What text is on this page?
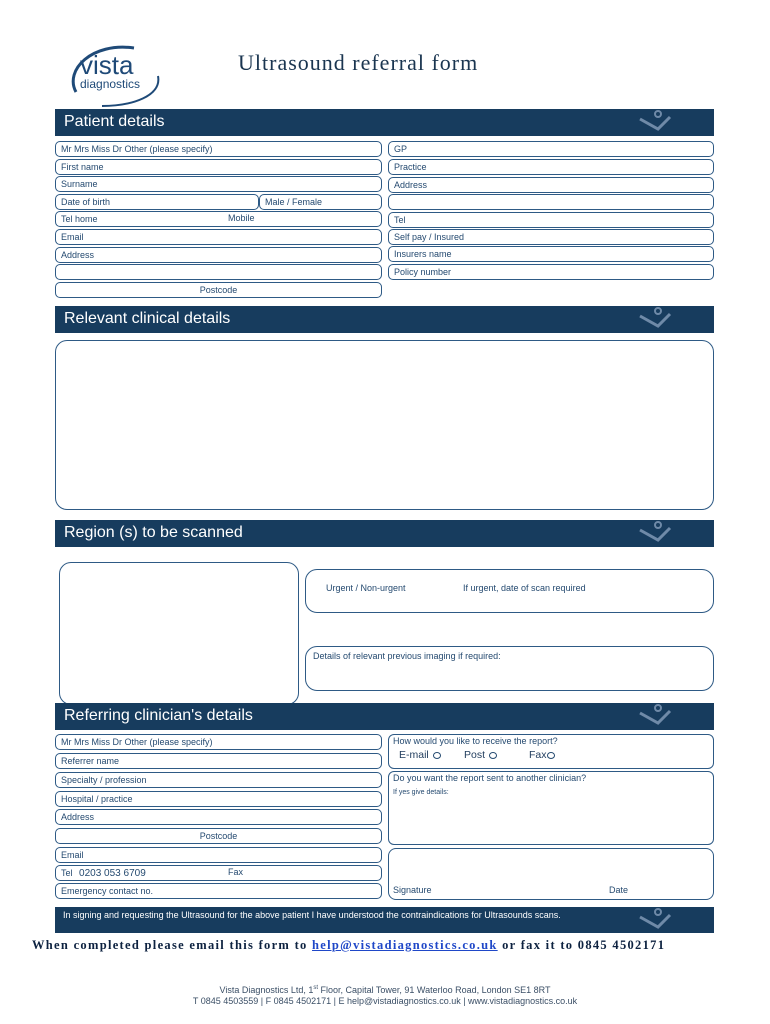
vista
diagnostics
Ultrasound referral form
Patient details
Mr Mrs Miss Dr Other (please specify)
First name
Surname
Date of birth	Male / Female
Tel home	Mobile
Email
Address
Postcode
GP
Practice
Address
Tel
Self pay / Insured
Insurers name
Policy number
Relevant clinical details
Region (s) to be scanned
Urgent / Non-urgent	If urgent, date of scan required
Details of relevant previous imaging if required:
Referring clinician's details
Mr Mrs Miss Dr Other (please specify)
Referrer name
Specialty / profession
Hospital / practice
Address
Postcode
Email
Tel 0203 053 6709	Fax
Emergency contact no.
How would you like to receive the report?
E-mail	Post	Fax
Do you want the report sent to another clinician?
If yes give details:
Signature	Date
In signing and requesting the Ultrasound for the above patient I have understood the contraindications for Ultrasounds scans.
When completed please email this form to help@vistadiagnostics.co.uk or fax it to 0845 4502171
Vista Diagnostics Ltd, 1st Floor, Capital Tower, 91 Waterloo Road, London SE1 8RT
T 0845 4503559 | F 0845 4502171 | E help@vistadiagnostics.co.uk | www.vistadiagnostics.co.uk
